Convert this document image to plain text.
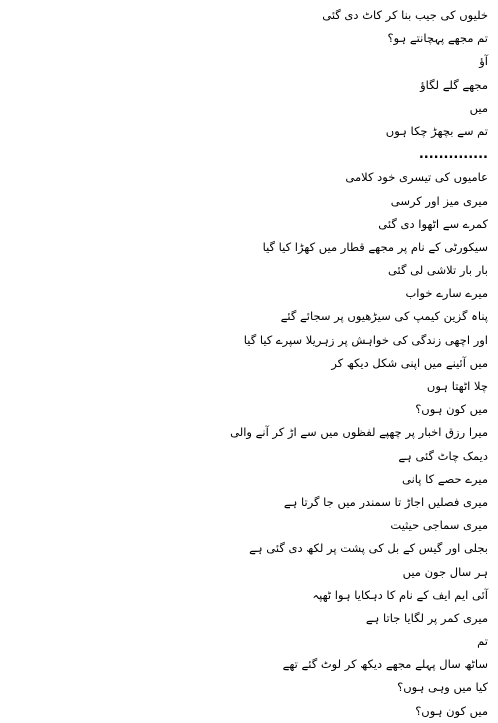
خلیوں کی جیب بنا کر کاٹ دی گئی
تم مجھے پہچانتے ہو؟
آؤ
مجھے گلے لگاؤ
میں
تم سے بچھڑ چکا ہوں
..............
عامیوں کی تیسری خود کلامی
میری میز اور کرسی
کمرے سے اٹھوا دی گئی
سیکورٹی کے نام پر مجھے قطار میں کھڑا کیا گیا
بار بار تلاشی لی گئی
میرے سارے خواب
پناہ گزین کیمپ کی سیڑھیوں پر سجائے گئے
اور اچھی زندگی کی خواہش پر زہریلا سپرے کیا گیا
میں آئینے میں اپنی شکل دیکھ کر
چلا اٹھتا ہوں
میں کون ہوں؟
میرا رزق اخبار پر چھپے لفظوں میں سے اڑ کر آنے والی
دیمک چاٹ گئی ہے
میرے حصے کا پانی
میری فصلیں اجاڑ تا سمندر میں جا گرتا ہے
میری سماجی حیثیت
بجلی اور گیس کے بل کی پشت پر لکھ دی گئی ہے
ہر سال جون میں
آئی ایم ایف کے نام کا دہکایا ہوا ٹھپہ
میری کمر پر لگایا جاتا ہے
تم
ساٹھ سال پہلے مجھے دیکھ کر لوٹ گئے تھے
کیا میں وہی ہوں؟
میں کون ہوں؟
